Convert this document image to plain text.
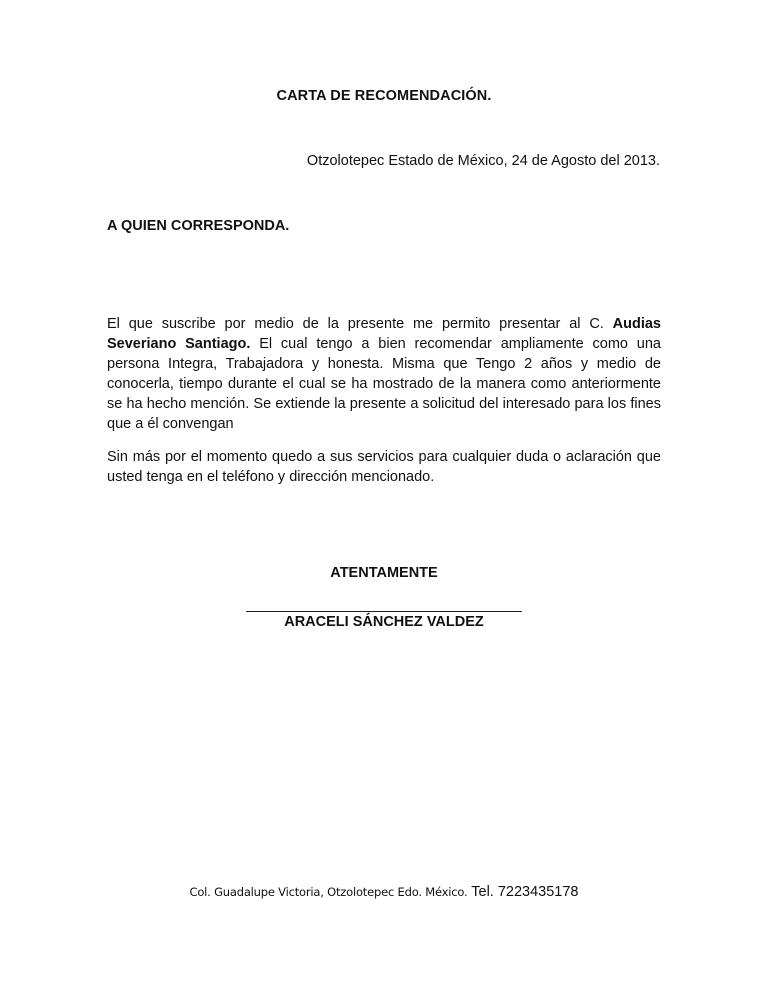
CARTA DE RECOMENDACIÓN.
Otzolotepec Estado de México, 24 de Agosto del 2013.
A QUIEN CORRESPONDA.

El que suscribe por medio de la presente me permito presentar al C. Audias Severiano Santiago. El cual tengo a bien recomendar ampliamente como una persona Integra, Trabajadora y honesta. Misma que Tengo 2 años y medio de conocerla, tiempo durante el cual se ha mostrado de la manera como anteriormente se ha hecho mención. Se extiende la presente a solicitud del interesado para los fines que a él convengan

Sin más por el momento quedo a sus servicios para cualquier duda o aclaración que usted tenga en el teléfono y dirección mencionado.

ATENTAMENTE
ARACELI SÁNCHEZ VALDEZ
Col. Guadalupe Victoria, Otzolotepec Edo. México. Tel. 7223435178
